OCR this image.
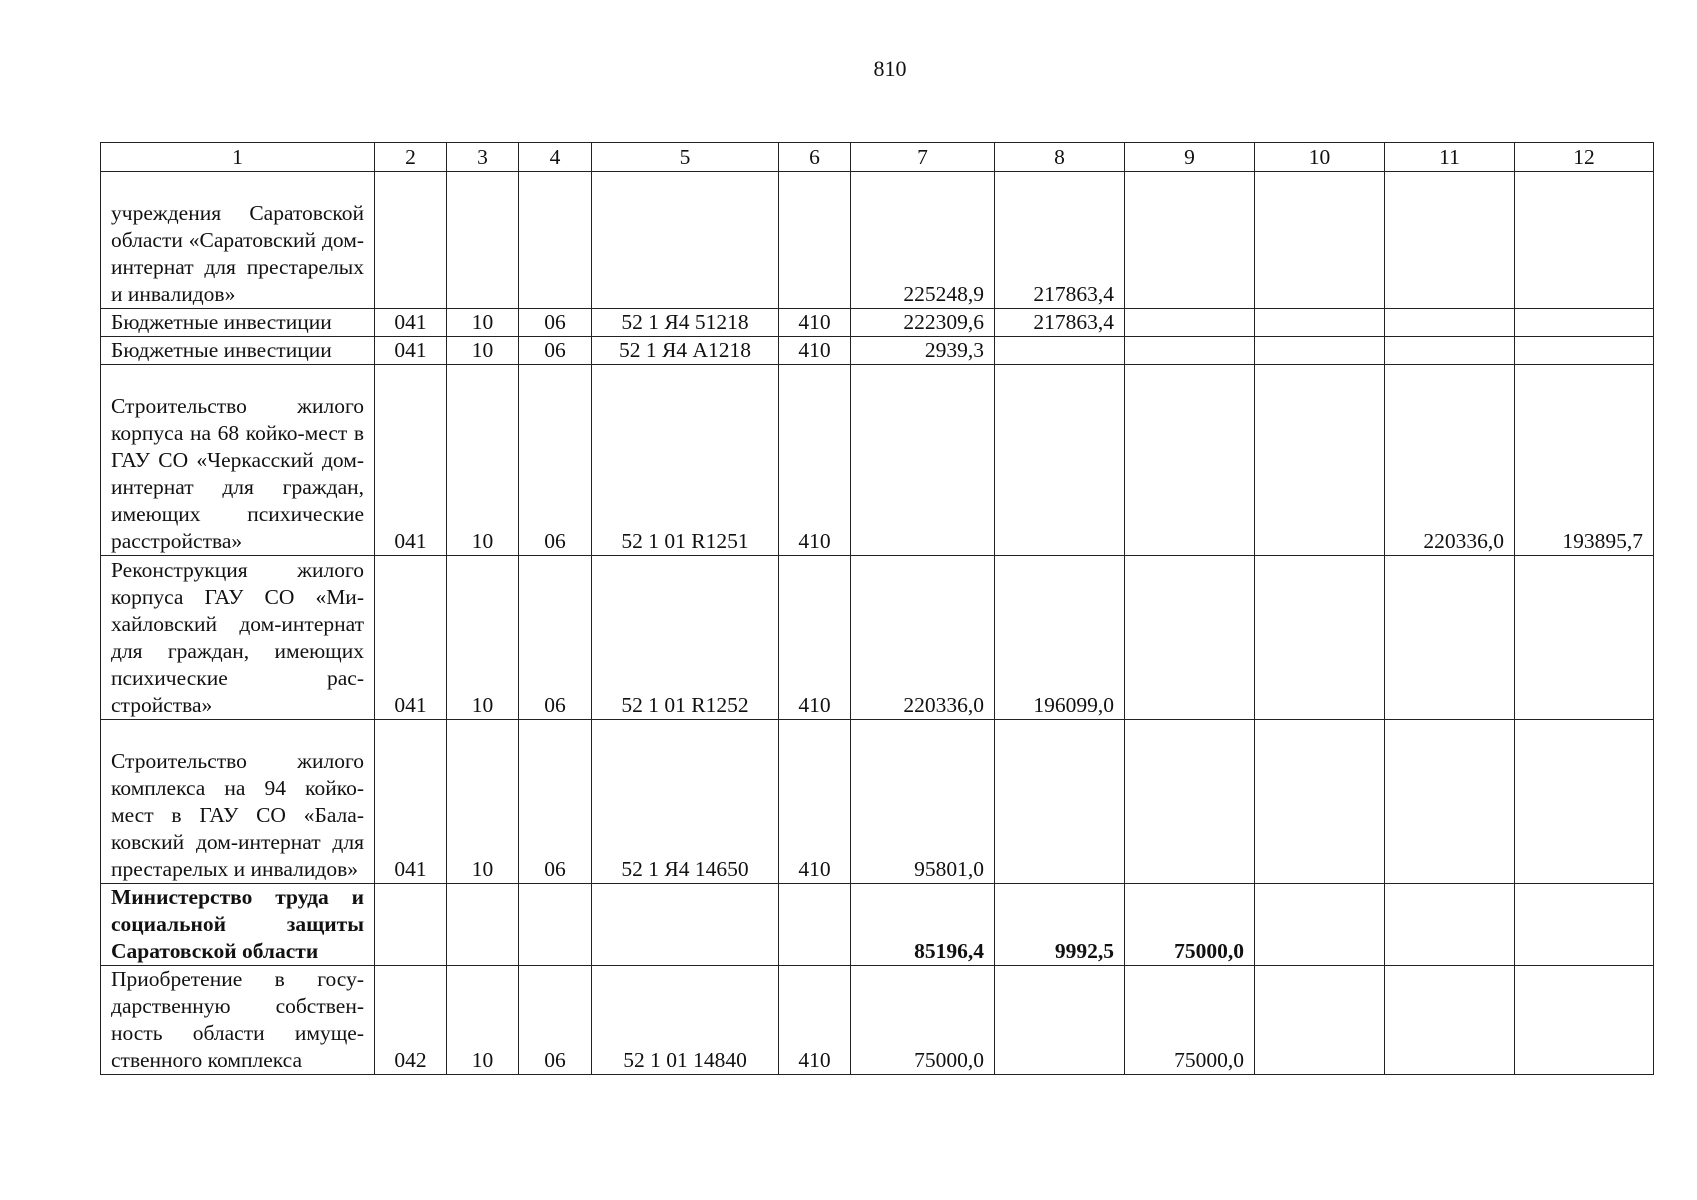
810
1	2	3	4	5	6	7	8	9	10	11	12
учреждения Саратовской области «Саратовский дом-интернат для престарелых и инвалидов»						225248,9	217863,4				
Бюджетные инвестиции	041	10	06	52 1 Я4 51218	410	222309,6	217863,4				
Бюджетные инвестиции	041	10	06	52 1 Я4 A1218	410	2939,3					
Строительство жилого корпуса на 68 койко-мест в ГАУ СО «Черкасский дом-интернат для граждан, имеющих психические расстройства»	041	10	06	52 1 01 R1251	410					220336,0	193895,7
Реконструкция жилого корпуса ГАУ СО «Михайловский дом-интернат для граждан, имеющих психические расстройства»	041	10	06	52 1 01 R1252	410	220336,0	196099,0				
Строительство жилого комплекса на 94 койко-мест в ГАУ СО «Балаковский дом-интернат для престарелых и инвалидов»	041	10	06	52 1 Я4 14650	410	95801,0					
Министерство труда и социальной защиты Саратовской области						85196,4	9992,5	75000,0			
Приобретение в государственную собственность области имущественного комплекса	042	10	06	52 1 01 14840	410	75000,0		75000,0			
